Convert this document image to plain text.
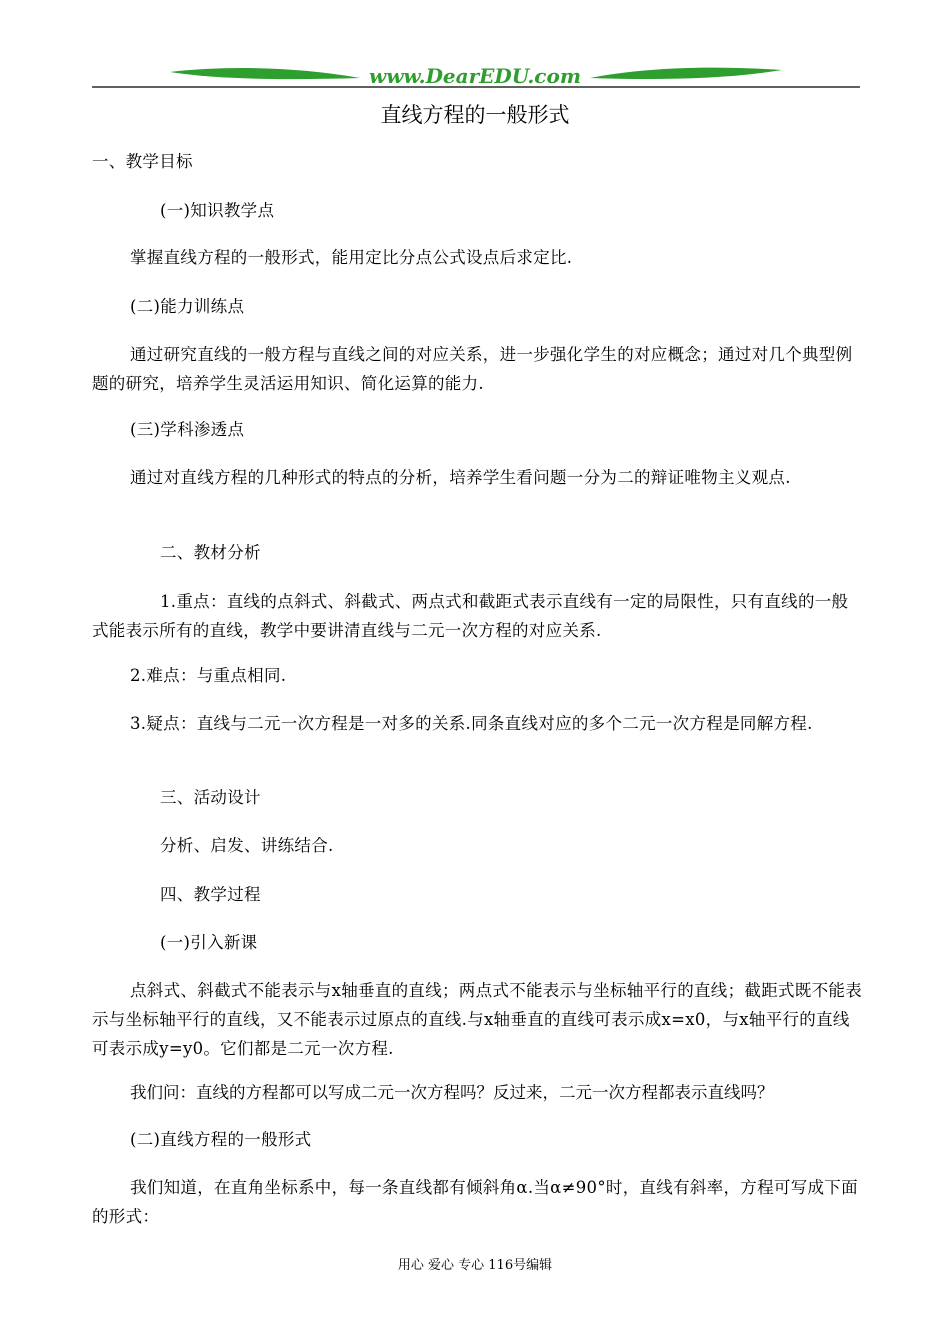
www.DearEDU.com
直线方程的一般形式
一、教学目标
(一)知识教学点
掌握直线方程的一般形式，能用定比分点公式设点后求定比.
(二)能力训练点
通过研究直线的一般方程与直线之间的对应关系，进一步强化学生的对应概念；通过对几个典型例题的研究，培养学生灵活运用知识、简化运算的能力.
(三)学科渗透点
通过对直线方程的几种形式的特点的分析，培养学生看问题一分为二的辩证唯物主义观点.
二、教材分析
1.重点：直线的点斜式、斜截式、两点式和截距式表示直线有一定的局限性，只有直线的一般式能表示所有的直线，教学中要讲清直线与二元一次方程的对应关系.
2.难点：与重点相同.
3.疑点：直线与二元一次方程是一对多的关系.同条直线对应的多个二元一次方程是同解方程.
三、活动设计
分析、启发、讲练结合.
四、教学过程
(一)引入新课
点斜式、斜截式不能表示与x轴垂直的直线；两点式不能表示与坐标轴平行的直线；截距式既不能表示与坐标轴平行的直线，又不能表示过原点的直线.与x轴垂直的直线可表示成x=x0，与x轴平行的直线可表示成y=y0。它们都是二元一次方程.
我们问：直线的方程都可以写成二元一次方程吗？反过来，二元一次方程都表示直线吗？
(二)直线方程的一般形式
我们知道，在直角坐标系中，每一条直线都有倾斜角α.当α≠90°时，直线有斜率，方程可写成下面的形式：
用心 爱心 专心 116号编辑
